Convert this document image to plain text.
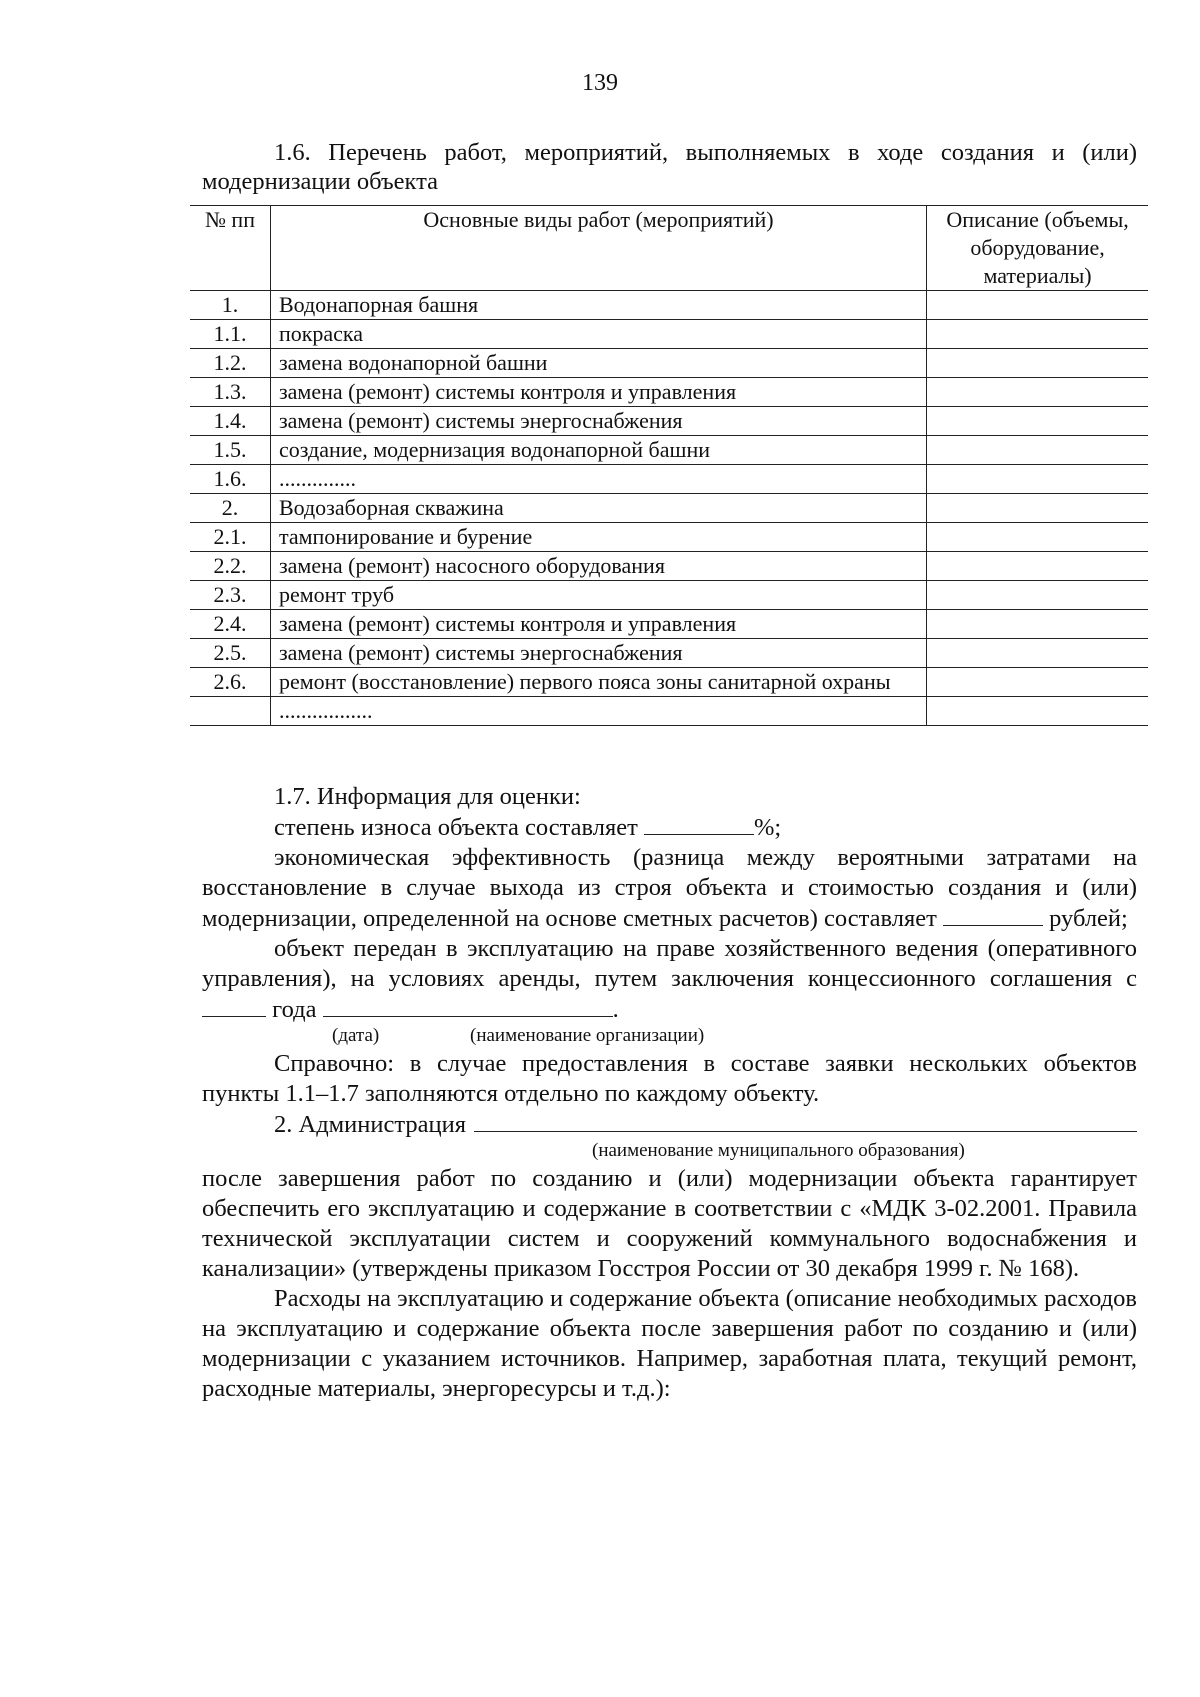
139

1.6. Перечень работ, мероприятий, выполняемых в ходе создания и (или) модернизации объекта

№ пп	Основные виды работ (мероприятий)	Описание (объемы, оборудование, материалы)
1.	Водонапорная башня	
1.1.	покраска	
1.2.	замена водонапорной башни	
1.3.	замена (ремонт) системы контроля и управления	
1.4.	замена (ремонт) системы энергоснабжения	
1.5.	создание, модернизация водонапорной башни	
1.6.	..............	
2.	Водозаборная скважина	
2.1.	тампонирование и бурение	
2.2.	замена (ремонт) насосного оборудования	
2.3.	ремонт труб	
2.4.	замена (ремонт) системы контроля и управления	
2.5.	замена (ремонт) системы энергоснабжения	
2.6.	ремонт (восстановление) первого пояса зоны санитарной охраны	
	.................	

1.7. Информация для оценки:

степень износа объекта составляет	%;

экономическая эффективность (разница между вероятными затратами на восстановление в случае выхода из строя объекта и стоимостью создания и (или) модернизации, определенной на основе сметных расчетов) составляет	рублей;

объект передан в эксплуатацию на праве хозяйственного ведения (оперативного управления), на условиях аренды, путем заключения концессионного соглашения с  года	.

(дата)	(наименование организации)

Справочно: в случае предоставления в составе заявки нескольких объектов пункты 1.1–1.7 заполняются отдельно по каждому объекту.

2. Администрация
(наименование муниципального образования)

после завершения работ по созданию и (или) модернизации объекта гарантирует обеспечить его эксплуатацию и содержание в соответствии с «МДК 3-02.2001. Правила технической эксплуатации систем и сооружений коммунального водоснабжения и канализации» (утверждены приказом Госстроя России от 30 декабря 1999 г. № 168).

Расходы на эксплуатацию и содержание объекта (описание необходимых расходов на эксплуатацию и содержание объекта после завершения работ по созданию и (или) модернизации с указанием источников. Например, заработная плата, текущий ремонт, расходные материалы, энергоресурсы и т.д.):
